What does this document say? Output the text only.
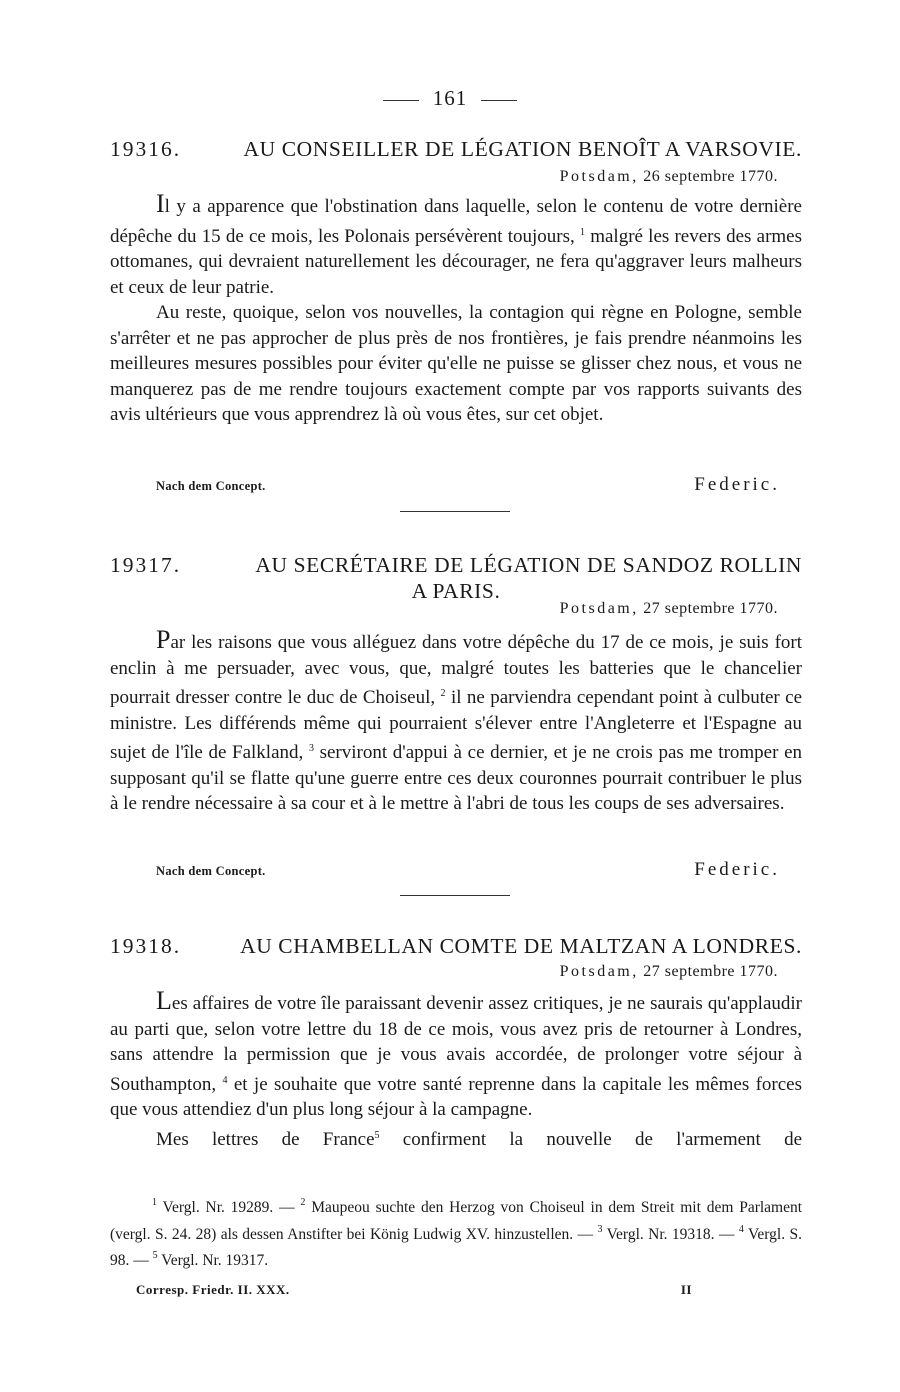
161
19316.	AU CONSEILLER DE LÉGATION BENOÎT A VARSOVIE.
Potsdam, 26 septembre 1770.

Il y a apparence que l'obstination dans laquelle, selon le contenu de votre dernière dépêche du 15 de ce mois, les Polonais persévèrent toujours, $^1$ malgré les revers des armes ottomanes, qui devraient naturellement les décourager, ne fera qu'aggraver leurs malheurs et ceux de leur patrie.

Au reste, quoique, selon vos nouvelles, la contagion qui règne en Pologne, semble s'arrêter et ne pas approcher de plus près de nos frontières, je fais prendre néanmoins les meilleures mesures possibles pour éviter qu'elle ne puisse se glisser chez nous, et vous ne manquerez pas de me rendre toujours exactement compte par vos rapports suivants des avis ultérieurs que vous apprendrez là où vous êtes, sur cet objet.

Nach dem Concept.	Federic.
19317.	AU SECRÉTAIRE DE LÉGATION DE SANDOZ ROLLIN
A PARIS.
Potsdam, 27 septembre 1770.

Par les raisons que vous alléguez dans votre dépêche du 17 de ce mois, je suis fort enclin à me persuader, avec vous, que, malgré toutes les batteries que le chancelier pourrait dresser contre le duc de Choiseul, $^2$ il ne parviendra cependant point à culbuter ce ministre. Les différends même qui pourraient s'élever entre l'Angleterre et l'Espagne au sujet de l'île de Falkland, $^3$ serviront d'appui à ce dernier, et je ne crois pas me tromper en supposant qu'il se flatte qu'une guerre entre ces deux couronnes pourrait contribuer le plus à le rendre nécessaire à sa cour et à le mettre à l'abri de tous les coups de ses adversaires.

Nach dem Concept.	Federic.
19318.	AU CHAMBELLAN COMTE DE MALTZAN A LONDRES.
Potsdam, 27 septembre 1770.

Les affaires de votre île paraissant devenir assez critiques, je ne saurais qu'applaudir au parti que, selon votre lettre du 18 de ce mois, vous avez pris de retourner à Londres, sans attendre la permission que je vous avais accordée, de prolonger votre séjour à Southampton, $^4$ et je souhaite que votre santé reprenne dans la capitale les mêmes forces que vous attendiez d'un plus long séjour à la campagne.

Mes lettres de France$^5$ confirment la nouvelle de l'armement de

$^1$ Vergl. Nr. 19289. — $^2$ Maupeou suchte den Herzog von Choiseul in dem Streit mit dem Parlament (vergl. S. 24. 28) als dessen Anstifter bei König Ludwig XV. hinzustellen. — $^3$ Vergl. Nr. 19318. — $^4$ Vergl. S. 98. — $^5$ Vergl. Nr. 19317.
Corresp. Friedr. II. XXX.	II
